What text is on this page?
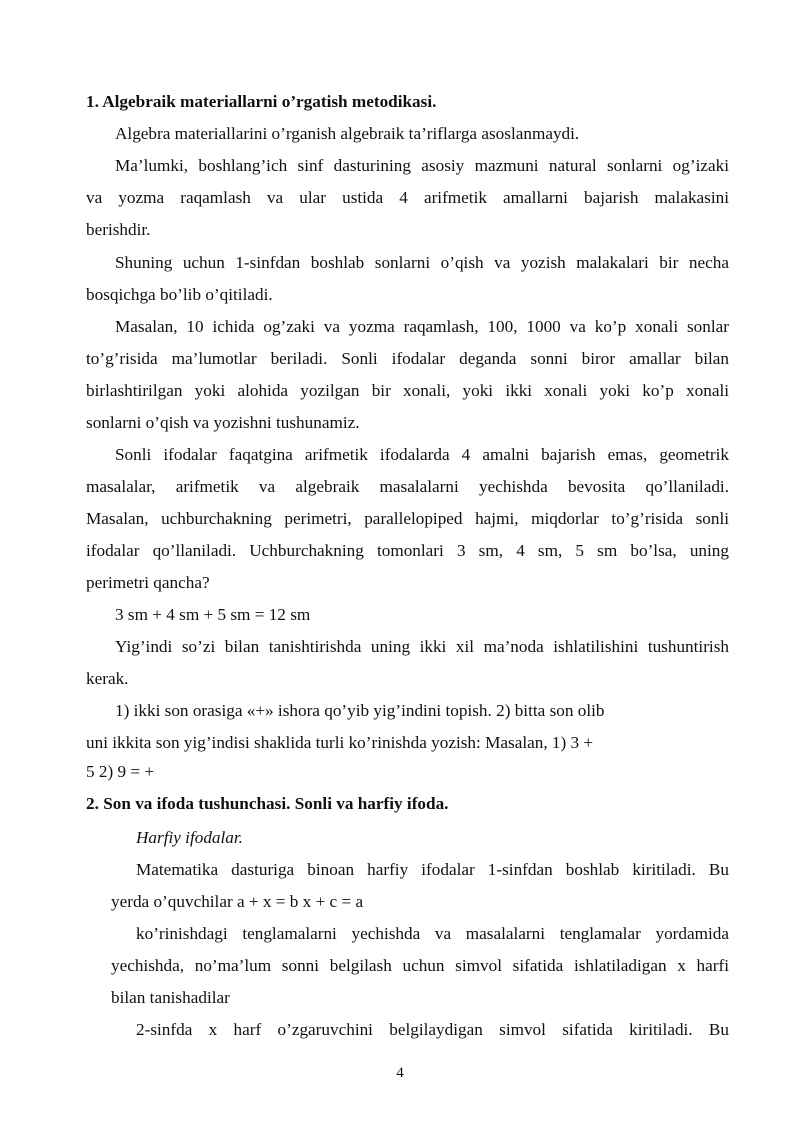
1. Algebraik materiallarni o’rgatish metodikasi.
Algebra materiallarini o’rganish algebraik ta’riflarga asoslanmaydi.
Ma’lumki, boshlang’ich sinf dasturining asosiy mazmuni natural sonlarni og’izaki
va yozma raqamlash va ular ustida 4 arifmetik amallarni bajarish malakasini
berishdir.
Shuning uchun 1-sinfdan boshlab sonlarni o’qish va yozish malakalari bir necha
bosqichga bo’lib o’qitiladi.
Masalan, 10 ichida og’zaki va yozma raqamlash, 100, 1000 va ko’p xonali sonlar
to’g’risida ma’lumotlar beriladi. Sonli ifodalar deganda sonni biror amallar bilan
birlashtirilgan yoki alohida yozilgan bir xonali, yoki ikki xonali yoki ko’p xonali
sonlarni o’qish va yozishni tushunamiz.
Sonli ifodalar faqatgina arifmetik ifodalarda 4 amalni bajarish emas, geometrik
masalalar, arifmetik va algebraik masalalarni yechishda bevosita qo’llaniladi.
Masalan, uchburchakning perimetri, parallelopiped hajmi, miqdorlar to’g’risida sonli
ifodalar qo’llaniladi. Uchburchakning tomonlari 3 sm, 4 sm, 5 sm bo’lsa, uning
perimetri qancha?
3 sm + 4 sm + 5 sm = 12 sm
Yig’indi so’zi bilan tanishtirishda uning ikki xil ma’noda ishlatilishini tushuntirish
kerak.
1) ikki son orasiga «+» ishora qo’yib yig’indini topish. 2) bitta son olib
uni ikkita son yig’indisi shaklida turli ko’rinishda yozish: Masalan, 1) 3 +
5 2) 9 = +
2. Son va ifoda tushunchasi. Sonli va harfiy ifoda.
Harfiy ifodalar.
Matematika dasturiga binoan harfiy ifodalar 1-sinfdan boshlab kiritiladi. Bu
yerda o’quvchilar a + x = b x + c = a
ko’rinishdagi tenglamalarni yechishda va masalalarni tenglamalar yordamida
yechishda, no’ma’lum sonni belgilash uchun simvol sifatida ishlatiladigan x harfi
bilan tanishadilar
2-sinfda x harf o’zgaruvchini belgilaydigan simvol sifatida kiritiladi. Bu
4
